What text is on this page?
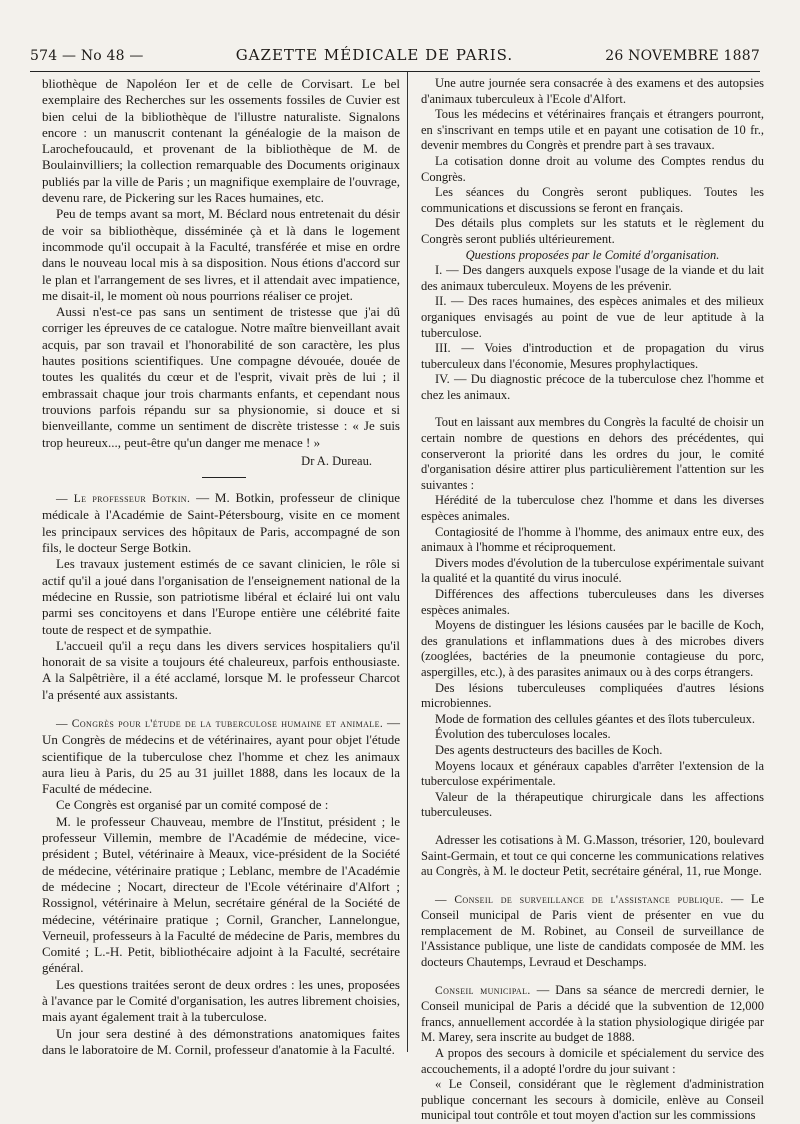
574 — No 48 —	GAZETTE MÉDICALE DE PARIS.	26 NOVEMBRE 1887

bliothèque de Napoléon Ier et de celle de Corvisart. Le bel exemplaire des Recherches sur les ossements fossiles de Cuvier est bien celui de la bibliothèque de l'illustre naturaliste. Signalons encore : un manuscrit contenant la généalogie de la maison de Larochefoucauld, et provenant de la bibliothèque de M. de Boulainvilliers; la collection remarquable des Documents originaux publiés par la ville de Paris ; un magnifique exemplaire de l'ouvrage, devenu rare, de Pickering sur les Races humaines, etc.

Peu de temps avant sa mort, M. Béclard nous entretenait du désir de voir sa bibliothèque, disséminée çà et là dans le logement incommode qu'il occupait à la Faculté, transférée et mise en ordre dans le nouveau local mis à sa disposition. Nous étions d'accord sur le plan et l'arrangement de ses livres, et il attendait avec impatience, me disait-il, le moment où nous pourrions réaliser ce projet.

Aussi n'est-ce pas sans un sentiment de tristesse que j'ai dû corriger les épreuves de ce catalogue. Notre maître bienveillant avait acquis, par son travail et l'honorabilité de son caractère, les plus hautes positions scientifiques. Une compagne dévouée, douée de toutes les qualités du cœur et de l'esprit, vivait près de lui ; il embrassait chaque jour trois charmants enfants, et cependant nous trouvions parfois répandu sur sa physionomie, si douce et si bienveillante, comme un sentiment de discrète tristesse : « Je suis trop heureux..., peut-être qu'un danger me menace ! »

Dr A. Dureau.

— Le professeur Botkin. — M. Botkin, professeur de clinique médicale à l'Académie de Saint-Pétersbourg, visite en ce moment les principaux services des hôpitaux de Paris, accompagné de son fils, le docteur Serge Botkin.

Les travaux justement estimés de ce savant clinicien, le rôle si actif qu'il a joué dans l'organisation de l'enseignement national de la médecine en Russie, son patriotisme libéral et éclairé lui ont valu parmi ses concitoyens et dans l'Europe entière une célébrité faite toute de respect et de sympathie.

L'accueil qu'il a reçu dans les divers services hospitaliers qu'il honorait de sa visite a toujours été chaleureux, parfois enthousiaste. A la Salpêtrière, il a été acclamé, lorsque M. le professeur Charcot l'a présenté aux assistants.

— Congrès pour l'étude de la tuberculose humaine et animale. — Un Congrès de médecins et de vétérinaires, ayant pour objet l'étude scientifique de la tuberculose chez l'homme et chez les animaux aura lieu à Paris, du 25 au 31 juillet 1888, dans les locaux de la Faculté de médecine.

Ce Congrès est organisé par un comité composé de :

M. le professeur Chauveau, membre de l'Institut, président ; le professeur Villemin, membre de l'Académie de médecine, vice-président ; Butel, vétérinaire à Meaux, vice-président de la Société de médecine, vétérinaire pratique ; Leblanc, membre de l'Académie de médecine ; Nocart, directeur de l'Ecole vétérinaire d'Alfort ; Rossignol, vétérinaire à Melun, secrétaire général de la Société de médecine, vétérinaire pratique ; Cornil, Grancher, Lannelongue, Verneuil, professeurs à la Faculté de médecine de Paris, membres du Comité ; L.-H. Petit, bibliothécaire adjoint à la Faculté, secrétaire général.

Les questions traitées seront de deux ordres : les unes, proposées à l'avance par le Comité d'organisation, les autres librement choisies, mais ayant également trait à la tuberculose.

Un jour sera destiné à des démonstrations anatomiques faites dans le laboratoire de M. Cornil, professeur d'anatomie à la Faculté.

Une autre journée sera consacrée à des examens et des autopsies d'animaux tuberculeux à l'Ecole d'Alfort.

Tous les médecins et vétérinaires français et étrangers pourront, en s'inscrivant en temps utile et en payant une cotisation de 10 fr., devenir membres du Congrès et prendre part à ses travaux.

La cotisation donne droit au volume des Comptes rendus du Congrès.

Les séances du Congrès seront publiques. Toutes les communications et discussions se feront en français.

Des détails plus complets sur les statuts et le règlement du Congrès seront publiés ultérieurement.

Questions proposées par le Comité d'organisation.

I. — Des dangers auxquels expose l'usage de la viande et du lait des animaux tuberculeux. Moyens de les prévenir.

II. — Des races humaines, des espèces animales et des milieux organiques envisagés au point de vue de leur aptitude à la tuberculose.

III. — Voies d'introduction et de propagation du virus tuberculeux dans l'économie, Mesures prophylactiques.

IV. — Du diagnostic précoce de la tuberculose chez l'homme et chez les animaux.

Tout en laissant aux membres du Congrès la faculté de choisir un certain nombre de questions en dehors des précédentes, qui conserveront la priorité dans les ordres du jour, le comité d'organisation désire attirer plus particulièrement l'attention sur les suivantes :

Hérédité de la tuberculose chez l'homme et dans les diverses espèces animales.

Contagiosité de l'homme à l'homme, des animaux entre eux, des animaux à l'homme et réciproquement.

Divers modes d'évolution de la tuberculose expérimentale suivant la qualité et la quantité du virus inoculé.

Différences des affections tuberculeuses dans les diverses espèces animales.

Moyens de distinguer les lésions causées par le bacille de Koch, des granulations et inflammations dues à des microbes divers (zooglées, bactéries de la pneumonie contagieuse du porc, aspergilles, etc.), à des parasites animaux ou à des corps étrangers.

Des lésions tuberculeuses compliquées d'autres lésions microbiennes.

Mode de formation des cellules géantes et des îlots tuberculeux.

Évolution des tuberculoses locales.

Des agents destructeurs des bacilles de Koch.

Moyens locaux et généraux capables d'arrêter l'extension de la tuberculose expérimentale.

Valeur de la thérapeutique chirurgicale dans les affections tuberculeuses.

Adresser les cotisations à M. G.Masson, trésorier, 120, boulevard Saint-Germain, et tout ce qui concerne les communications relatives au Congrès, à M. le docteur Petit, secrétaire général, 11, rue Monge.

— Conseil de surveillance de l'assistance publique. — Le Conseil municipal de Paris vient de présenter en vue du remplacement de M. Robinet, au Conseil de surveillance de l'Assistance publique, une liste de candidats composée de MM. les docteurs Chautemps, Levraud et Deschamps.

Conseil municipal. — Dans sa séance de mercredi dernier, le Conseil municipal de Paris a décidé que la subvention de 12,000 francs, annuellement accordée à la station physiologique dirigée par M. Marey, sera inscrite au budget de 1888.

A propos des secours à domicile et spécialement du service des accouchements, il a adopté l'ordre du jour suivant :

« Le Conseil, considérant que le règlement d'administration publique concernant les secours à domicile, enlève au Conseil municipal tout contrôle et tout moyen d'action sur les commissions
